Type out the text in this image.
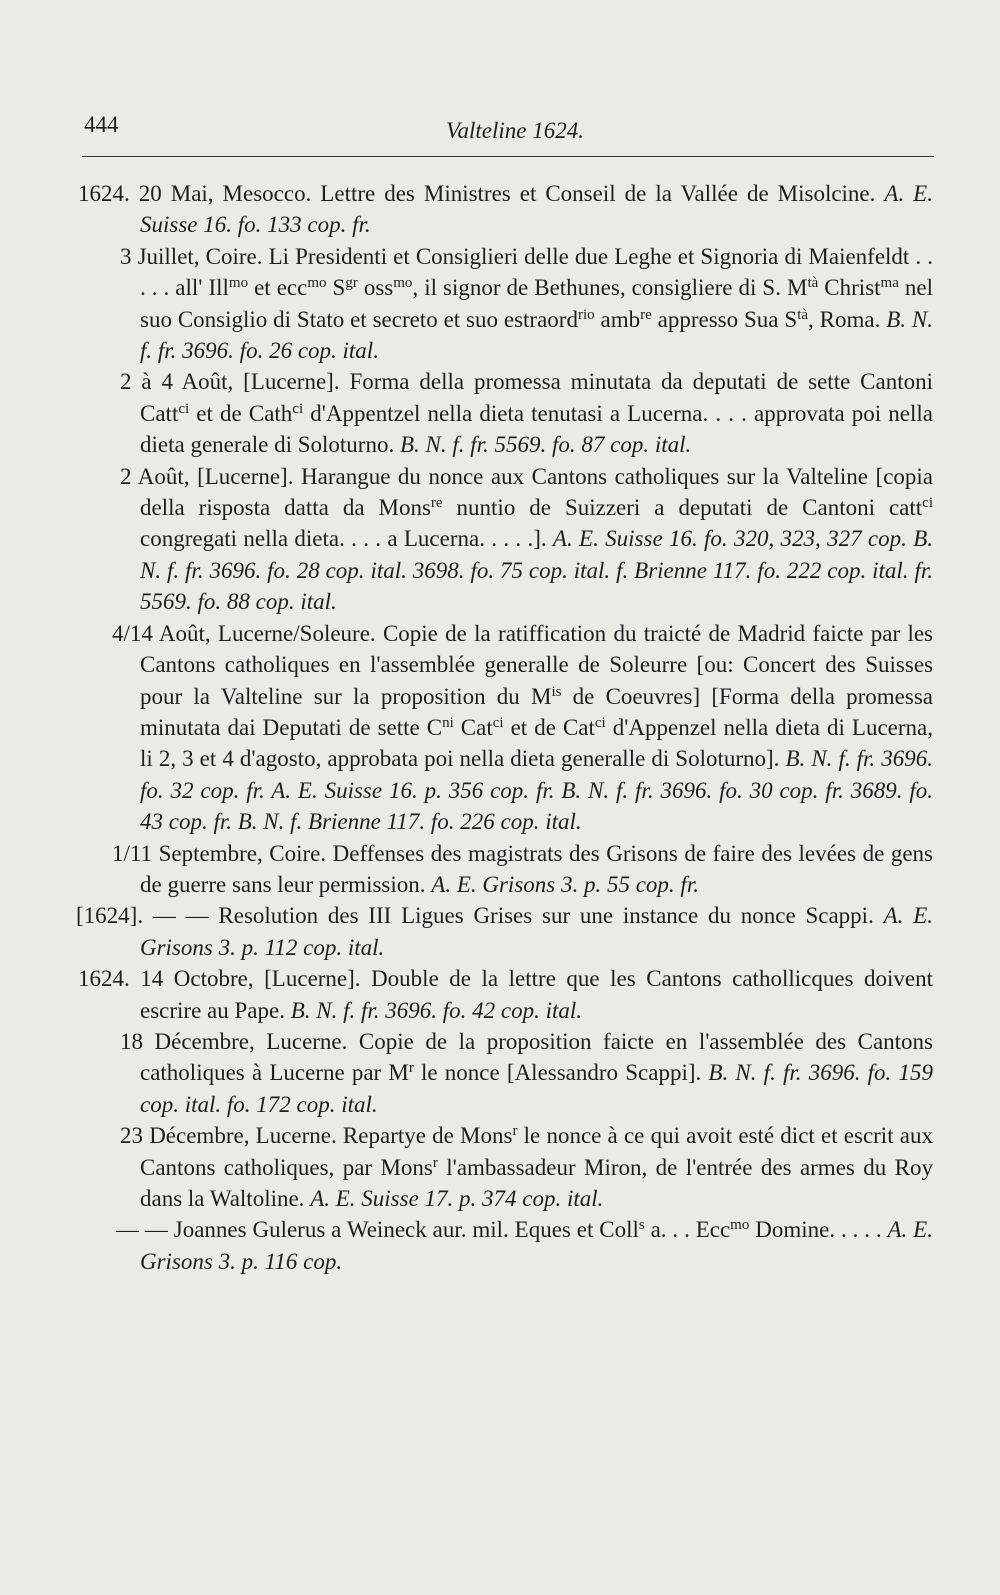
444	Valteline 1624.
1624. 20 Mai, Mesocco. Lettre des Ministres et Conseil de la Vallée de Misolcine. A. E. Suisse 16. fo. 133 cop. fr.
3 Juillet, Coire. Li Presidenti et Consiglieri delle due Leghe et Signoria di Maienfeldt . . . . . all' Ill$^{mo}$ et ecc$^{mo}$ $S^{gr}$ oss$^{mo}$, il signor de Bethunes, consigliere di S. $M^{tà}$ Christ$^{ma}$ nel suo Consiglio di Stato et secreto et suo estraord$^{rio}$ amb$^{re}$ appresso Sua $S^{tà}$, Roma. B. N. f. fr. 3696. fo. 26 cop. ital.
2 à 4 Août, [Lucerne]. Forma della promessa minutata da deputati de sette Cantoni Catt$^{ci}$ et de Cath$^{ci}$ d'Appentzel nella dieta tenutasi a Lucerna. . . . approvata poi nella dieta generale di Soloturno. B. N. f. fr. 5569. fo. 87 cop. ital.
2 Août, [Lucerne]. Harangue du nonce aux Cantons catholiques sur la Valteline [copia della risposta datta da Mons$^{re}$ nuntio de Suizzeri a deputati de Cantoni catt$^{ci}$ congregati nella dieta. . . . a Lucerna. . . . .]. A. E. Suisse 16. fo. 320, 323, 327 cop. B. N. f. fr. 3696. fo. 28 cop. ital. 3698. fo. 75 cop. ital. f. Brienne 117. fo. 222 cop. ital. fr. 5569. fo. 88 cop. ital.
4/14 Août, Lucerne/Soleure. Copie de la ratiffication du traicté de Madrid faicte par les Cantons catholiques en l'assemblée generalle de Soleurre [ou: Concert des Suisses pour la Valteline sur la proposition du $M^{is}$ de Coeuvres] [Forma della promessa minutata dai Deputati de sette $C^{ni}$ Cat$^{ci}$ et de Cat$^{ci}$ d'Appenzel nella dieta di Lucerna, li 2, 3 et 4 d'agosto, approbata poi nella dieta generalle di Soloturno]. B. N. f. fr. 3696. fo. 32 cop. fr. A. E. Suisse 16. p. 356 cop. fr. B. N. f. fr. 3696. fo. 30 cop. fr. 3689. fo. 43 cop. fr. B. N. f. Brienne 117. fo. 226 cop. ital.
1/11 Septembre, Coire. Deffenses des magistrats des Grisons de faire des levées de gens de guerre sans leur permission. A. E. Grisons 3. p. 55 cop. fr.
[1624]. — — Resolution des III Ligues Grises sur une instance du nonce Scappi. A. E. Grisons 3. p. 112 cop. ital.
1624. 14 Octobre, [Lucerne]. Double de la lettre que les Cantons cathollicques doivent escrire au Pape. B. N. f. fr. 3696. fo. 42 cop. ital.
18 Décembre, Lucerne. Copie de la proposition faicte en l'assemblée des Cantons catholiques à Lucerne par $M^r$ le nonce [Alessandro Scappi]. B. N. f. fr. 3696. fo. 159 cop. ital. fo. 172 cop. ital.
23 Décembre, Lucerne. Repartye de Mons$^r$ le nonce à ce qui avoit esté dict et escrit aux Cantons catholiques, par Mons$^r$ l'ambassadeur Miron, de l'entrée des armes du Roy dans la Waltoline. A. E. Suisse 17. p. 374 cop. ital.
— — Joannes Gulerus a Weineck aur. mil. Eques et Coll$^s$ a. . . Ecc$^{mo}$ Domine. . . . . A. E. Grisons 3. p. 116 cop.
